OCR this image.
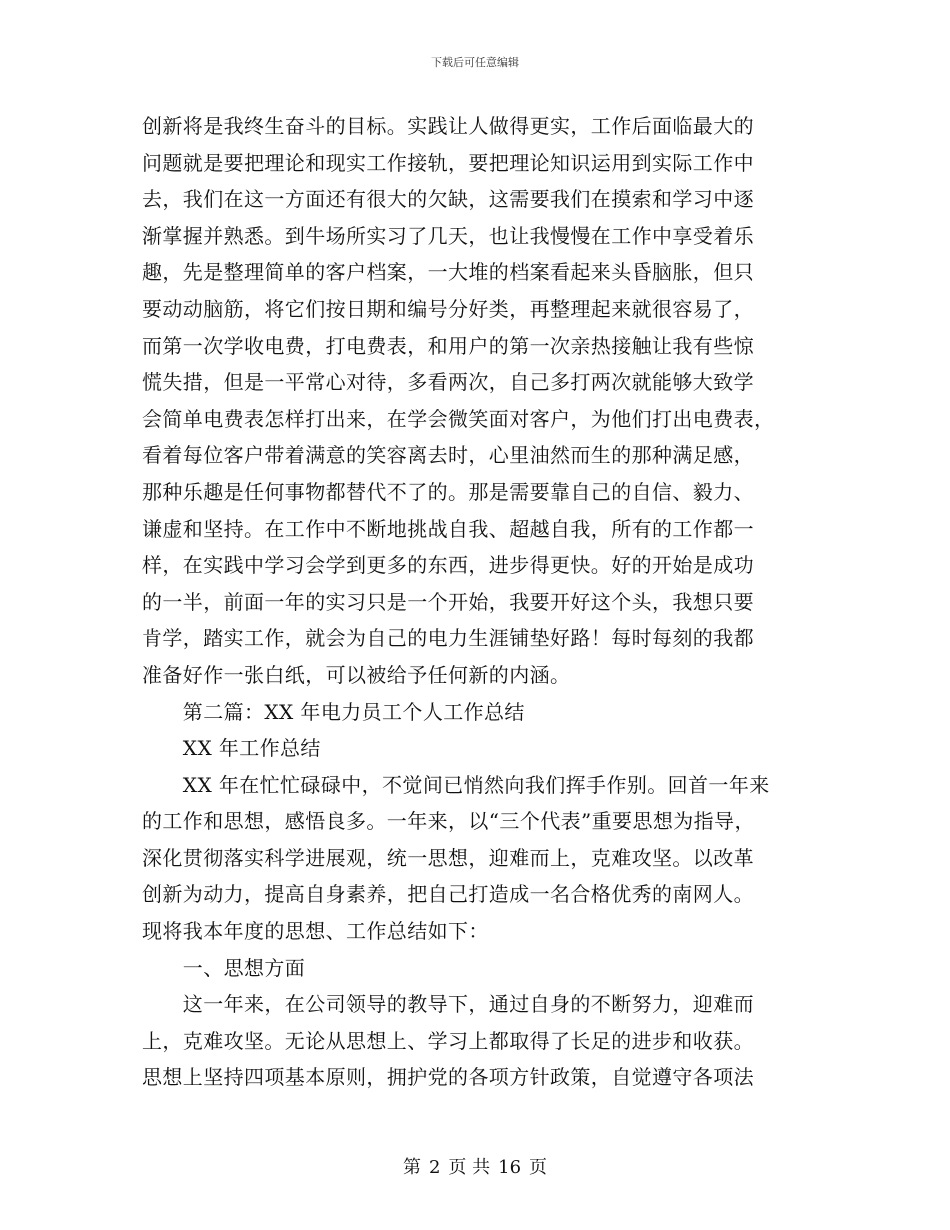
下载后可任意编辑
创新将是我终生奋斗的目标。实践让人做得更实，工作后面临最大的
问题就是要把理论和现实工作接轨，要把理论知识运用到实际工作中
去，我们在这一方面还有很大的欠缺，这需要我们在摸索和学习中逐
渐掌握并熟悉。到牛场所实习了几天，也让我慢慢在工作中享受着乐
趣，先是整理简单的客户档案，一大堆的档案看起来头昏脑胀，但只
要动动脑筋，将它们按日期和编号分好类，再整理起来就很容易了，
而第一次学收电费，打电费表，和用户的第一次亲热接触让我有些惊
慌失措，但是一平常心对待，多看两次，自己多打两次就能够大致学
会简单电费表怎样打出来，在学会微笑面对客户，为他们打出电费表，
看着每位客户带着满意的笑容离去时，心里油然而生的那种满足感，
那种乐趣是任何事物都替代不了的。那是需要靠自己的自信、毅力、
谦虚和坚持。在工作中不断地挑战自我、超越自我，所有的工作都一
样，在实践中学习会学到更多的东西，进步得更快。好的开始是成功
的一半，前面一年的实习只是一个开始，我要开好这个头，我想只要
肯学，踏实工作，就会为自己的电力生涯铺垫好路！每时每刻的我都
准备好作一张白纸，可以被给予任何新的内涵。
　　第二篇：XX 年电力员工个人工作总结
　　XX 年工作总结
　　XX 年在忙忙碌碌中，不觉间已悄然向我们挥手作别。回首一年来
的工作和思想，感悟良多。一年来，以“三个代表”重要思想为指导，
深化贯彻落实科学进展观，统一思想，迎难而上，克难攻坚。以改革
创新为动力，提高自身素养，把自己打造成一名合格优秀的南网人。
现将我本年度的思想、工作总结如下：
　　一、思想方面
　　这一年来，在公司领导的教导下，通过自身的不断努力，迎难而
上，克难攻坚。无论从思想上、学习上都取得了长足的进步和收获。
思想上坚持四项基本原则，拥护党的各项方针政策，自觉遵守各项法
第 2 页 共 16 页
